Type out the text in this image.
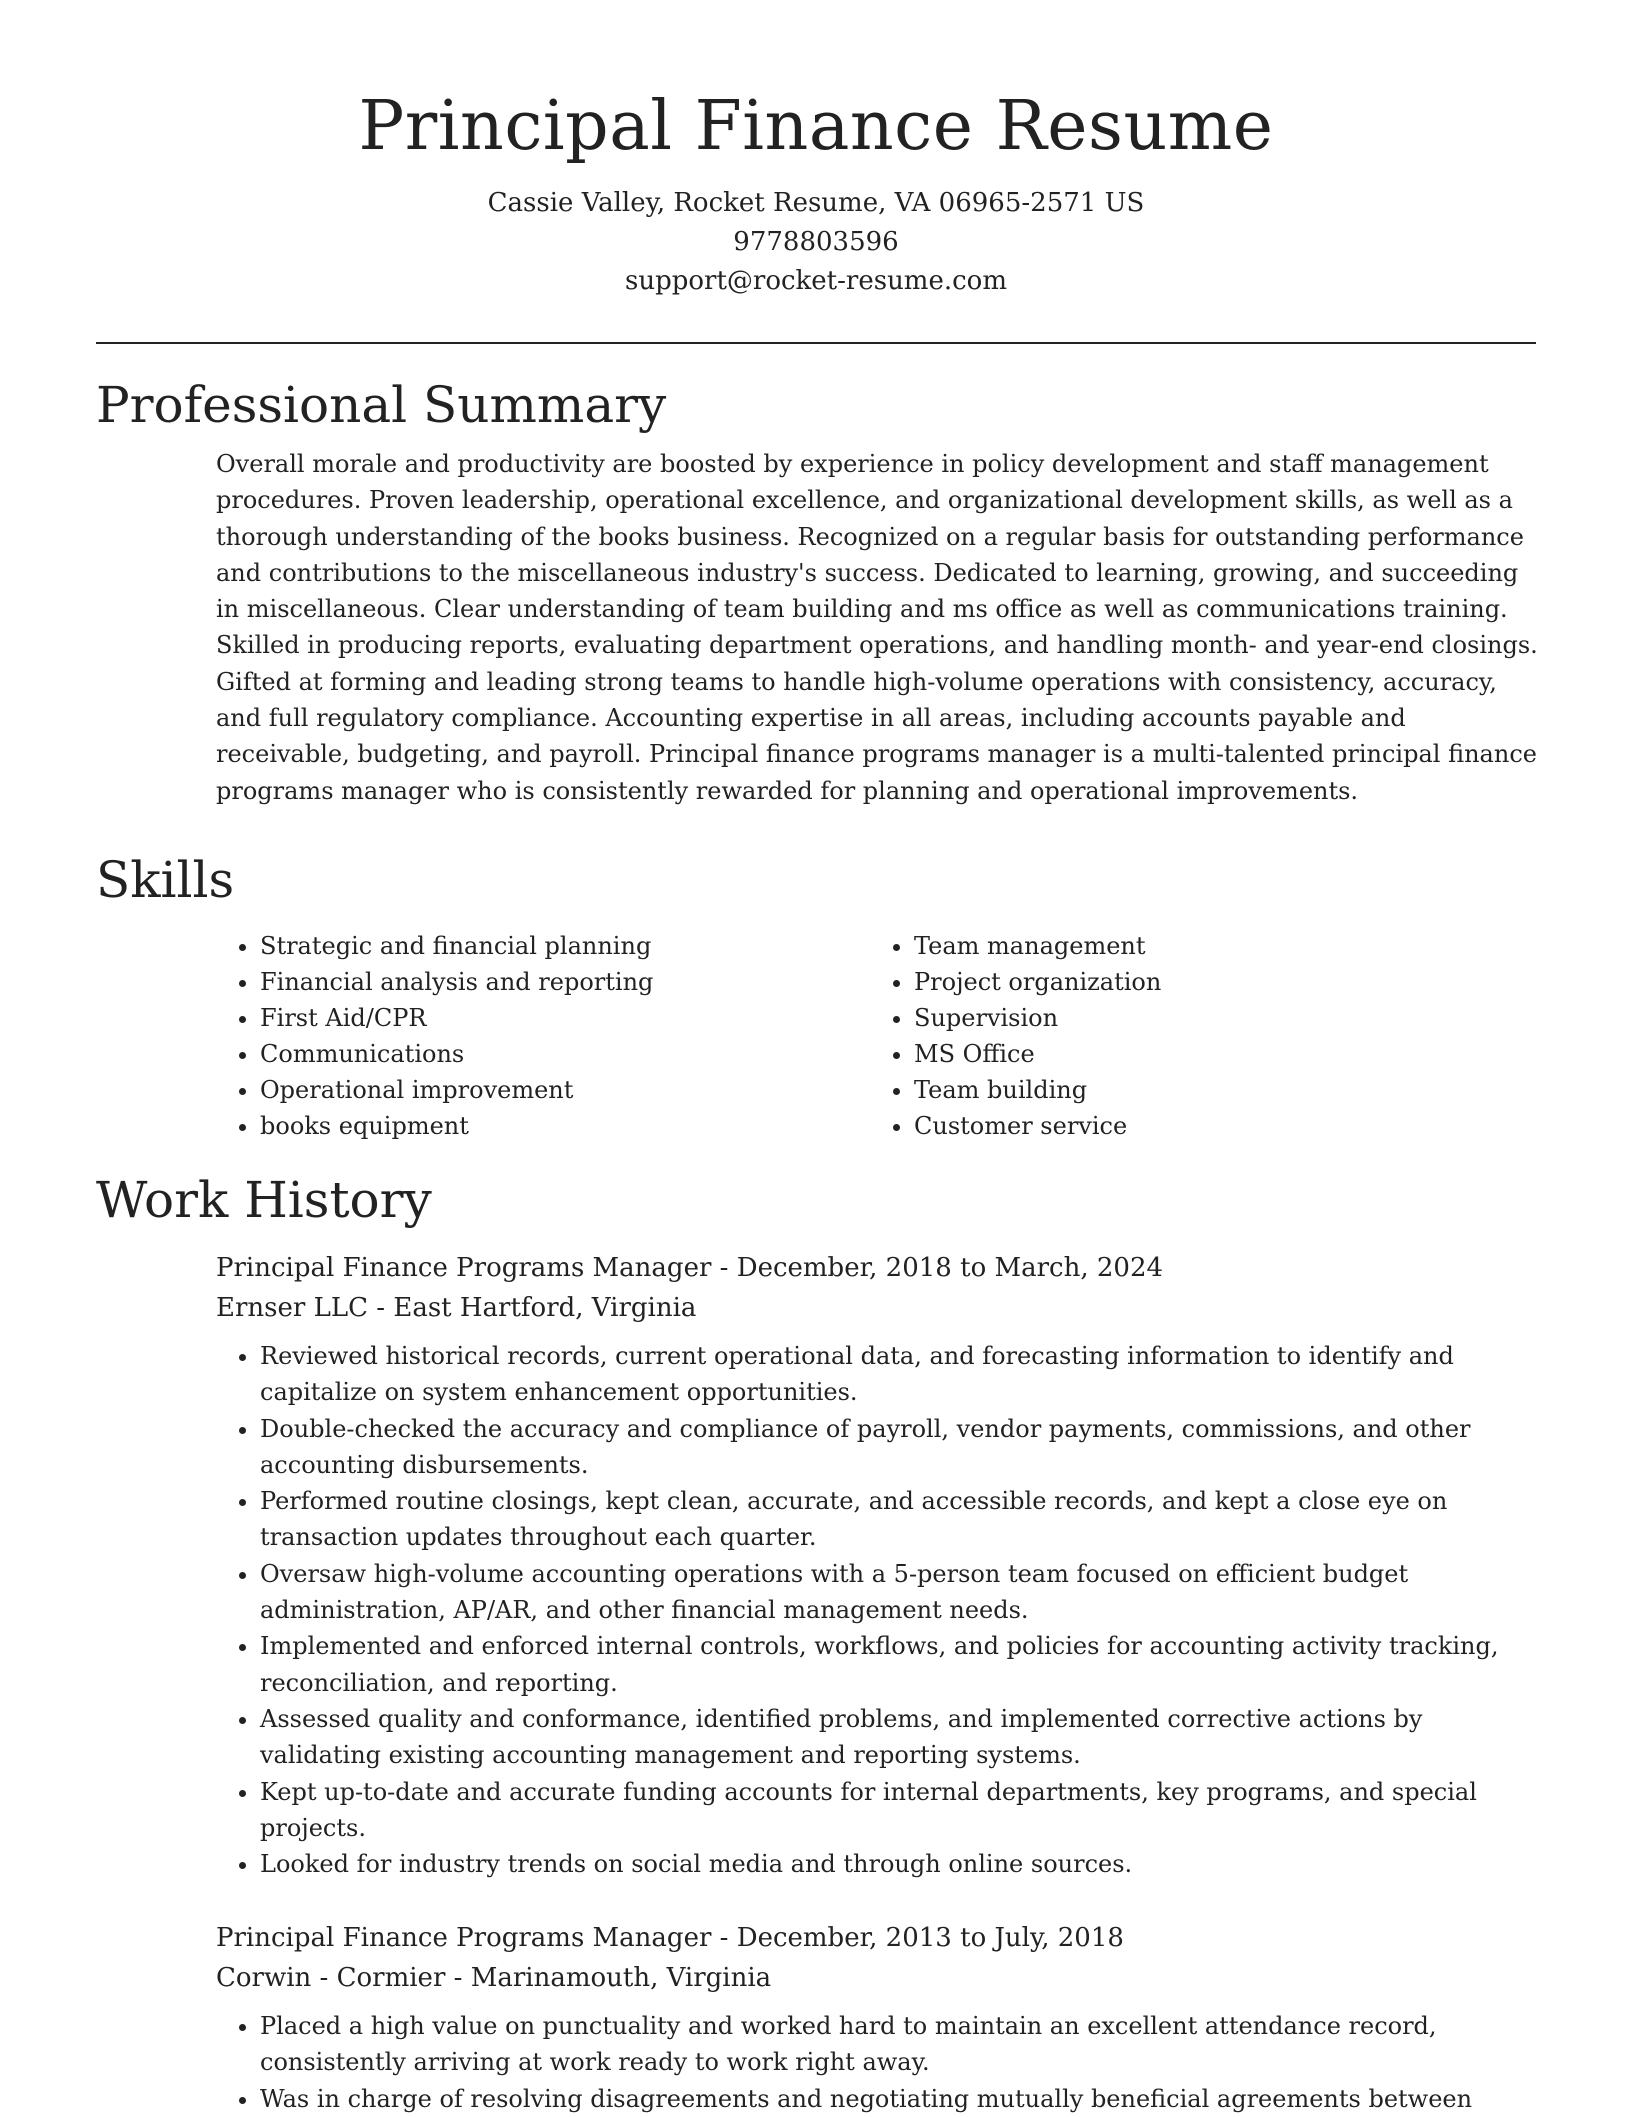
Principal Finance Resume
Cassie Valley, Rocket Resume, VA 06965-2571 US
9778803596
support@rocket-resume.com
Professional Summary

Overall morale and productivity are boosted by experience in policy development and staff management procedures. Proven leadership, operational excellence, and organizational development skills, as well as a thorough understanding of the books business. Recognized on a regular basis for outstanding performance and contributions to the miscellaneous industry's success. Dedicated to learning, growing, and succeeding in miscellaneous. Clear understanding of team building and ms office as well as communications training. Skilled in producing reports, evaluating department operations, and handling month- and year-end closings. Gifted at forming and leading strong teams to handle high-volume operations with consistency, accuracy, and full regulatory compliance. Accounting expertise in all areas, including accounts payable and receivable, budgeting, and payroll. Principal finance programs manager is a multi-talented principal finance programs manager who is consistently rewarded for planning and operational improvements.

Skills
• Strategic and financial planning
• Financial analysis and reporting
• First Aid/CPR
• Communications
• Operational improvement
• books equipment
• Team management
• Project organization
• Supervision
• MS Office
• Team building
• Customer service
Work History
Principal Finance Programs Manager - December, 2018 to March, 2024
Ernser LLC - East Hartford, Virginia
• Reviewed historical records, current operational data, and forecasting information to identify and capitalize on system enhancement opportunities.
• Double-checked the accuracy and compliance of payroll, vendor payments, commissions, and other accounting disbursements.
• Performed routine closings, kept clean, accurate, and accessible records, and kept a close eye on transaction updates throughout each quarter.
• Oversaw high-volume accounting operations with a 5-person team focused on efficient budget administration, AP/AR, and other financial management needs.
• Implemented and enforced internal controls, workflows, and policies for accounting activity tracking, reconciliation, and reporting.
• Assessed quality and conformance, identified problems, and implemented corrective actions by validating existing accounting management and reporting systems.
• Kept up-to-date and accurate funding accounts for internal departments, key programs, and special projects.
• Looked for industry trends on social media and through online sources.
Principal Finance Programs Manager - December, 2013 to July, 2018
Corwin - Cormier - Marinamouth, Virginia
• Placed a high value on punctuality and worked hard to maintain an excellent attendance record, consistently arriving at work ready to work right away.
• Was in charge of resolving disagreements and negotiating mutually beneficial agreements between
